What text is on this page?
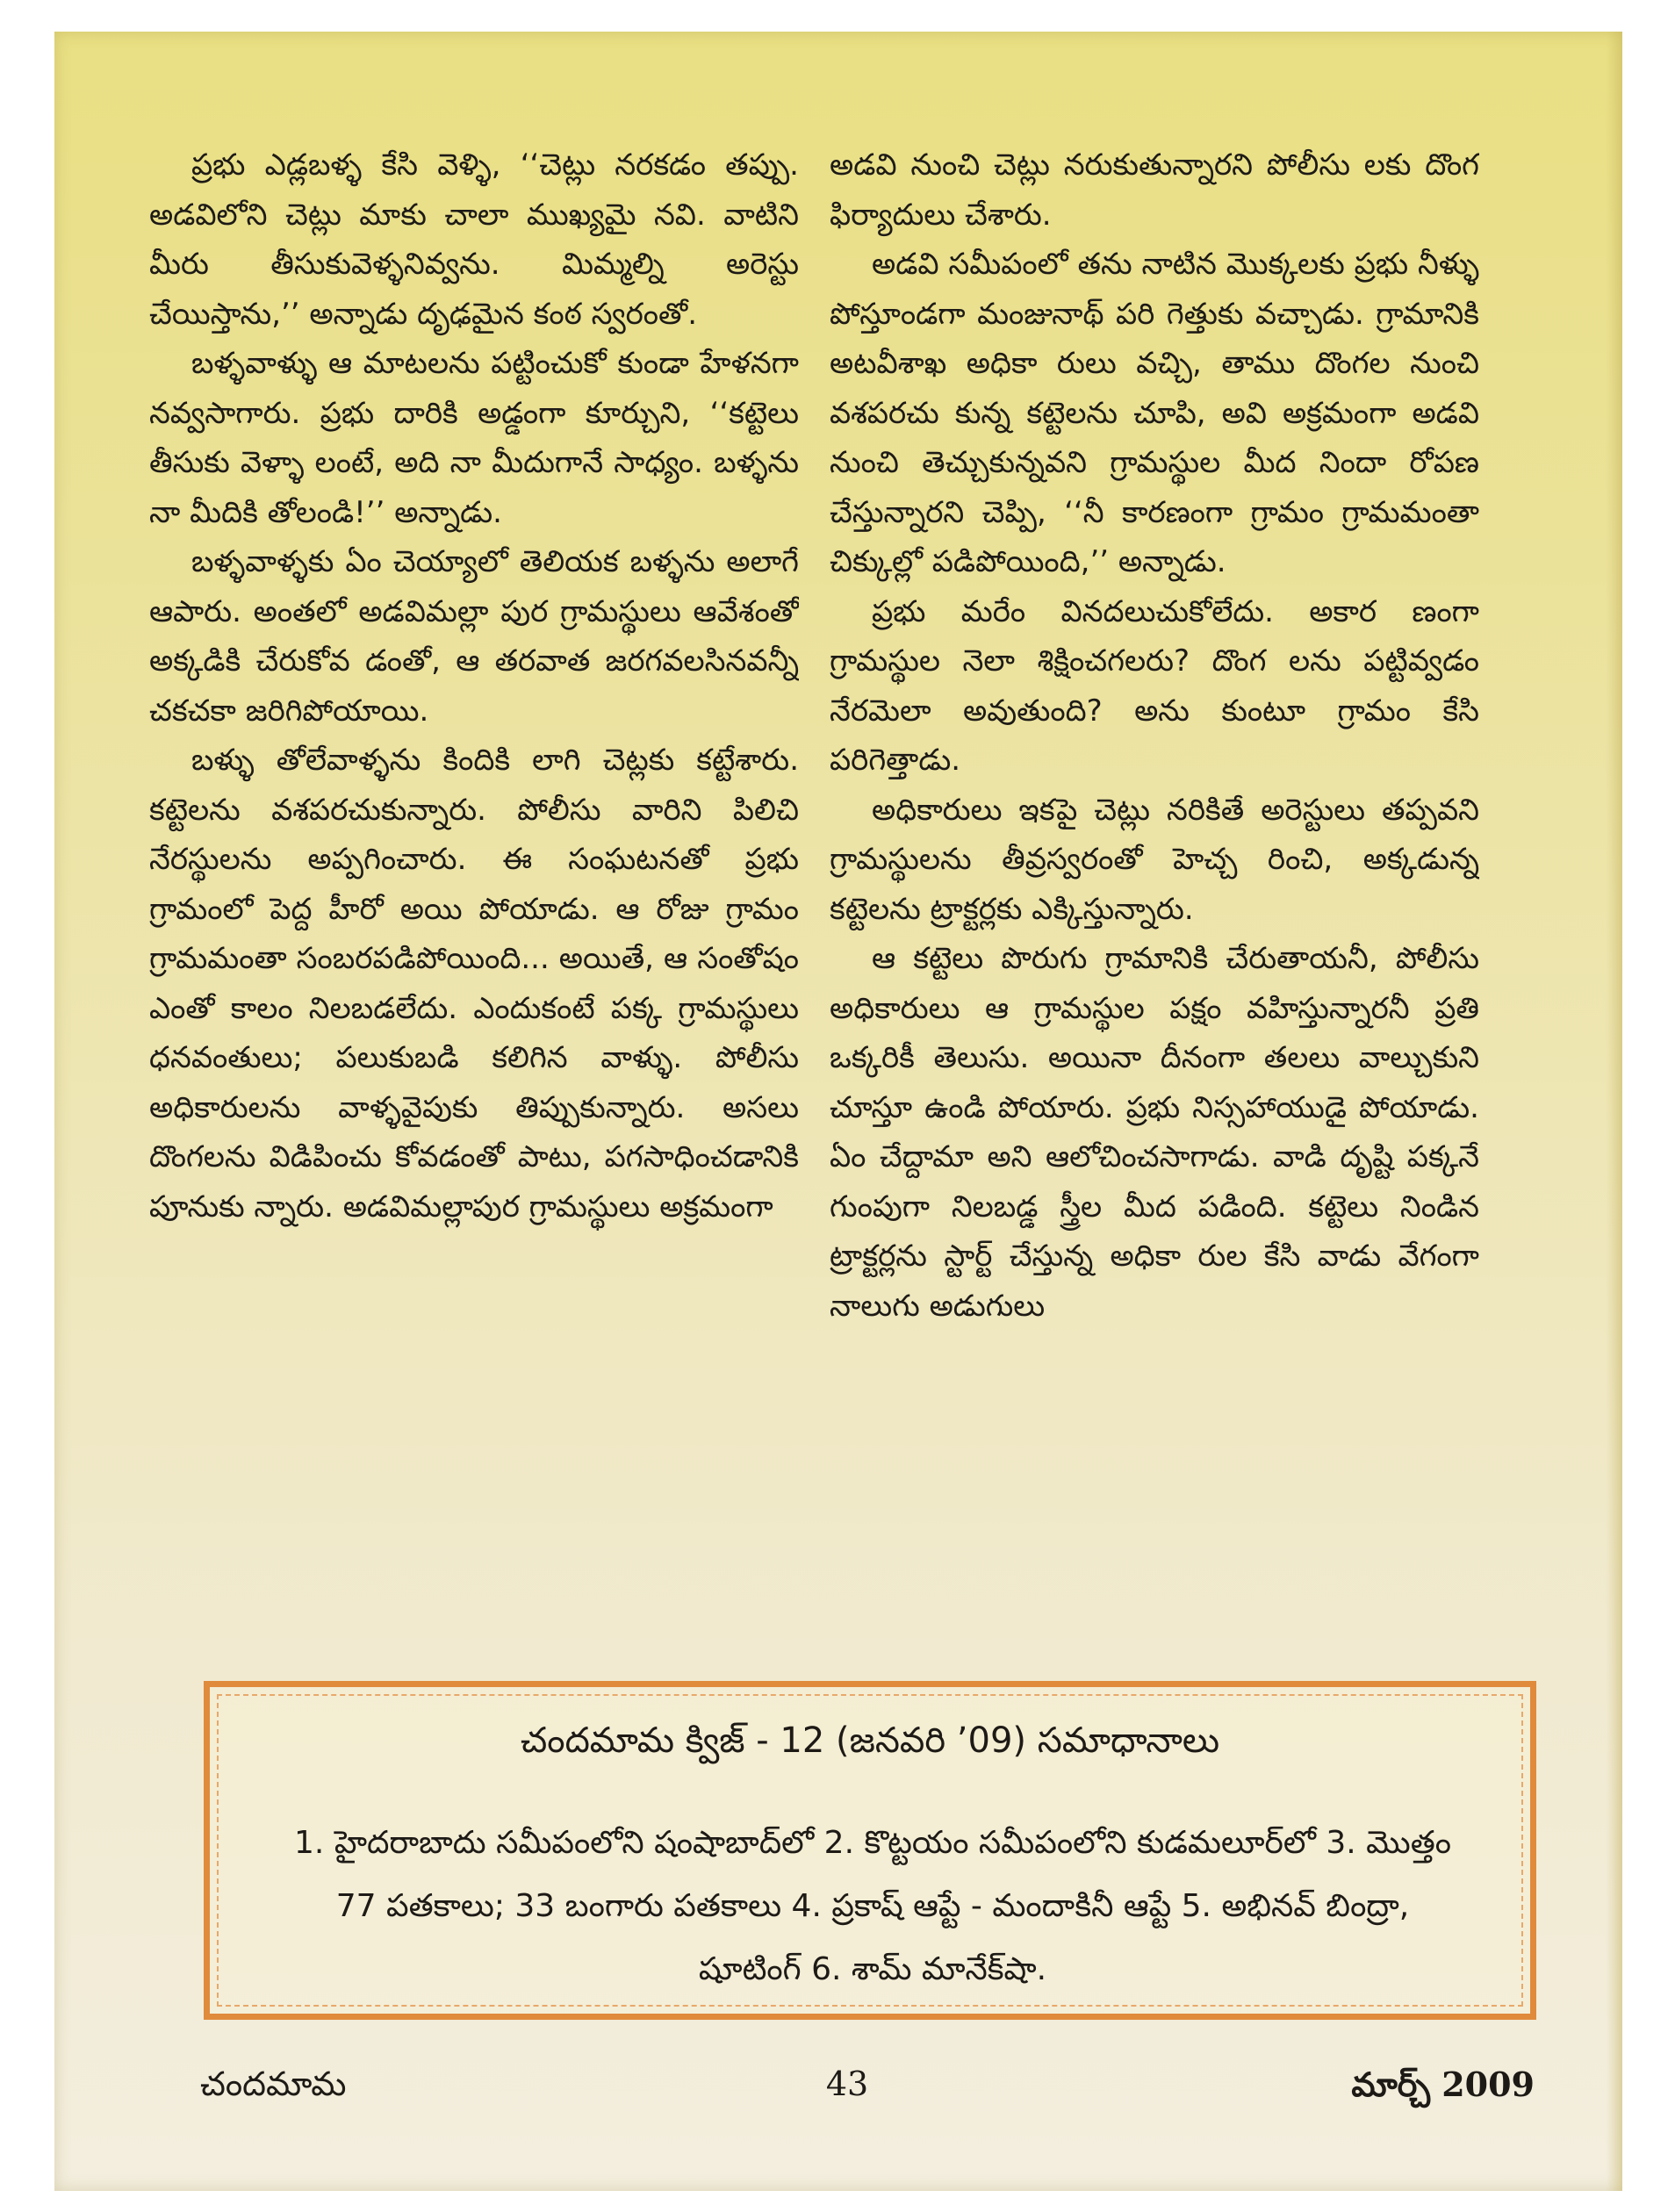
ప్రభు ఎడ్లబళ్ళ కేసి వెళ్ళి, ‘‘చెట్లు నరకడం తప్పు. అడవిలోని చెట్లు మాకు చాలా ముఖ్యమై నవి. వాటిని మీరు తీసుకువెళ్ళనివ్వను. మిమ్మల్ని అరెస్టు చేయిస్తాను,’’ అన్నాడు దృఢమైన కంఠ స్వరంతో.

బళ్ళవాళ్ళు ఆ మాటలను పట్టించుకో కుండా హేళనగా నవ్వసాగారు. ప్రభు దారికి అడ్డంగా కూర్చుని, ‘‘కట్టెలు తీసుకు వెళ్ళా లంటే, అది నా మీదుగానే సాధ్యం. బళ్ళను నా మీదికి తోలండి!’’ అన్నాడు.

బళ్ళవాళ్ళకు ఏం చెయ్యాలో తెలియక బళ్ళను అలాగే ఆపారు. అంతలో అడవిమల్లా పుర గ్రామస్థులు ఆవేశంతో అక్కడికి చేరుకోవ డంతో, ఆ తరవాత జరగవలసినవన్నీ చకచకా జరిగిపోయాయి.

బళ్ళు తోలేవాళ్ళను కిందికి లాగి చెట్లకు కట్టేశారు. కట్టెలను వశపరచుకున్నారు. పోలీసు వారిని పిలిచి నేరస్థులను అప్పగించారు. ఈ సంఘటనతో ప్రభు గ్రామంలో పెద్ద హీరో అయి పోయాడు. ఆ రోజు గ్రామం గ్రామమంతా సంబరపడిపోయింది... అయితే, ఆ సంతోషం ఎంతో కాలం నిలబడలేదు. ఎందుకంటే పక్క గ్రామస్థులు ధనవంతులు; పలుకుబడి కలిగిన వాళ్ళు. పోలీసు అధికారులను వాళ్ళవైపుకు తిప్పుకున్నారు. అసలు దొంగలను విడిపించు కోవడంతో పాటు, పగసాధించడానికి పూనుకు న్నారు. అడవిమల్లాపుర గ్రామస్థులు అక్రమంగా

అడవి నుంచి చెట్లు నరుకుతున్నారని పోలీసు లకు దొంగ ఫిర్యాదులు చేశారు.

అడవి సమీపంలో తను నాటిన మొక్కలకు ప్రభు నీళ్ళు పోస్తూండగా మంజునాథ్ పరి గెత్తుకు వచ్చాడు. గ్రామానికి అటవీశాఖ అధికా రులు వచ్చి, తాము దొంగల నుంచి వశపరచు కున్న కట్టెలను చూపి, అవి అక్రమంగా అడవి నుంచి తెచ్చుకున్నవని గ్రామస్థుల మీద నిందా రోపణ చేస్తున్నారని చెప్పి, ‘‘నీ కారణంగా గ్రామం గ్రామమంతా చిక్కుల్లో పడిపోయింది,’’ అన్నాడు.

ప్రభు మరేం వినదలుచుకోలేదు. అకార ణంగా గ్రామస్థుల నెలా శిక్షించగలరు? దొంగ లను పట్టివ్వడం నేరమెలా అవుతుంది? అను కుంటూ గ్రామం కేసి పరిగెత్తాడు.

అధికారులు ఇకపై చెట్లు నరికితే అరెస్టులు తప్పవని గ్రామస్థులను తీవ్రస్వరంతో హెచ్చ రించి, అక్కడున్న కట్టెలను ట్రాక్టర్లకు ఎక్కిస్తున్నారు.

ఆ కట్టెలు పొరుగు గ్రామానికి చేరుతాయనీ, పోలీసు అధికారులు ఆ గ్రామస్థుల పక్షం వహిస్తున్నారనీ ప్రతి ఒక్కరికీ తెలుసు. అయినా దీనంగా తలలు వాల్చుకుని చూస్తూ ఉండి పోయారు. ప్రభు నిస్సహాయుడై పోయాడు. ఏం చేద్దామా అని ఆలోచించసాగాడు. వాడి దృష్టి పక్కనే గుంపుగా నిలబడ్డ స్త్రీల మీద పడింది. కట్టెలు నిండిన ట్రాక్టర్లను స్టార్ట్ చేస్తున్న అధికా రుల కేసి వాడు వేగంగా నాలుగు అడుగులు

చందమామ క్విజ్ - 12 (జనవరి ’09) సమాధానాలు

1. హైదరాబాదు సమీపంలోని షంషాబాద్‌లో 2. కొట్టయం సమీపంలోని కుడమలూర్‌లో 3. మొత్తం 77 పతకాలు; 33 బంగారు పతకాలు 4. ప్రకాష్ ఆప్టే - మందాకినీ ఆప్టే 5. అభినవ్ బింద్రా, షూటింగ్ 6. శామ్ మానేక్‌షా.

చందమామ	43	మార్చ్ 2009
